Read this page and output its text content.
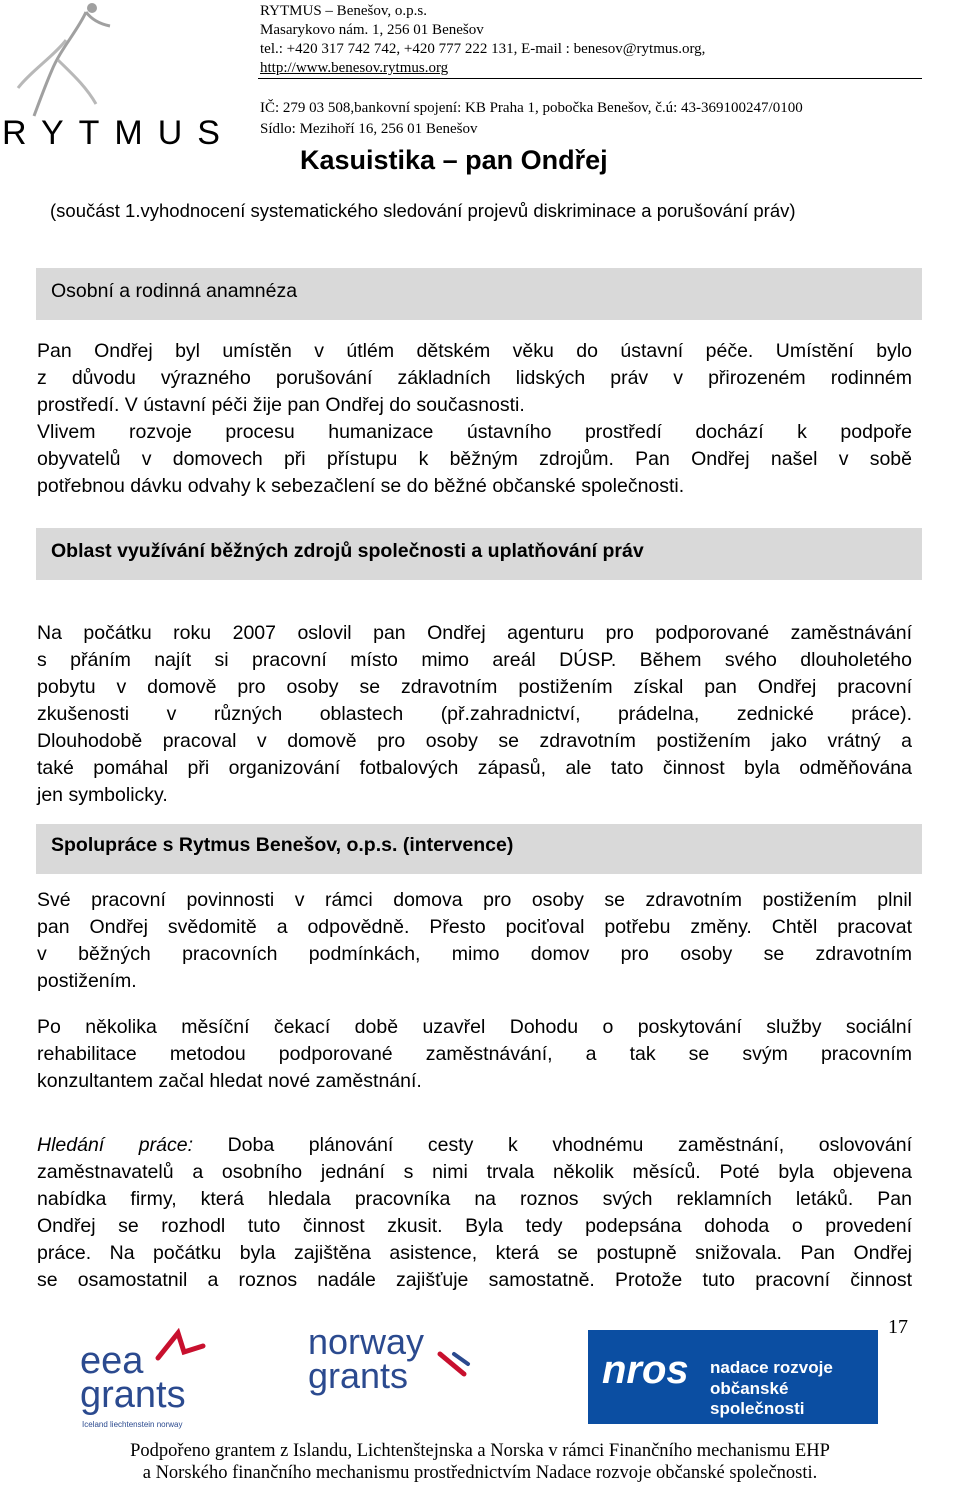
RYTMUS
RYTMUS – Benešov, o.p.s.
Masarykovo nám. 1, 256 01 Benešov
tel.: +420 317 742 742, +420 777 222 131, E-mail : benesov@rytmus.org,
http://www.benesov.rytmus.org
IČ: 279 03 508,bankovní spojení: KB Praha 1, pobočka Benešov, č.ú: 43-369100247/0100
Sídlo: Mezihoří 16, 256 01 Benešov
Kasuistika – pan Ondřej
(součást 1.vyhodnocení systematického sledování projevů diskriminace a porušování práv)
Osobní a rodinná anamnéza
Pan Ondřej byl umístěn v útlém dětském věku do ústavní péče. Umístění bylo
z důvodu výrazného porušování základních lidských práv v přirozeném rodinném
prostředí. V ústavní péči žije pan Ondřej do současnosti.
Vlivem rozvoje procesu humanizace ústavního prostředí dochází k podpoře
obyvatelů v domovech při přístupu k běžným zdrojům. Pan Ondřej našel v sobě
potřebnou dávku odvahy k sebezačlení se do běžné občanské společnosti.
Oblast využívání běžných zdrojů společnosti a uplatňování práv
Na počátku roku 2007 oslovil pan Ondřej agenturu pro podporované zaměstnávání
s přáním najít si pracovní místo mimo areál DÚSP. Během svého dlouholetého
pobytu v domově pro osoby se zdravotním postižením získal pan Ondřej pracovní
zkušenosti v různých oblastech (př.zahradnictví, prádelna, zednické práce).
Dlouhodobě pracoval v domově pro osoby se zdravotním postižením jako vrátný a
také pomáhal při organizování fotbalových zápasů, ale tato činnost byla odměňována
jen symbolicky.
Spolupráce s Rytmus Benešov, o.p.s. (intervence)
Své pracovní povinnosti v rámci domova pro osoby se zdravotním postižením plnil
pan Ondřej svědomitě a odpovědně. Přesto pociťoval potřebu změny. Chtěl pracovat
v běžných pracovních podmínkách, mimo domov pro osoby se zdravotním
postižením.
Po několika měsíční čekací době uzavřel Dohodu o poskytování služby sociální
rehabilitace metodou podporované zaměstnávání, a tak se svým pracovním
konzultantem začal hledat nové zaměstnání.
Hledání práce: Doba plánování cesty k vhodnému zaměstnání, oslovování
zaměstnavatelů a osobního jednání s nimi trvala několik měsíců. Poté byla objevena
nabídka firmy, která hledala pracovníka na roznos svých reklamních letáků. Pan
Ondřej se rozhodl tuto činnost zkusit. Byla tedy podepsána dohoda o provedení
práce. Na počátku byla zajištěna asistence, která se postupně snižovala. Pan Ondřej
se osamostatnil a roznos nadále zajišťuje samostatně. Protože tuto pracovní činnost
17
eea
grants
Iceland liechtenstein norway
norway
grants	nros nadace rozvoje
občanské společnosti
Podpořeno grantem z Islandu, Lichtenštejnska a Norska v rámci Finančního mechanismu EHP
a Norského finančního mechanismu prostřednictvím Nadace rozvoje občanské společnosti.
